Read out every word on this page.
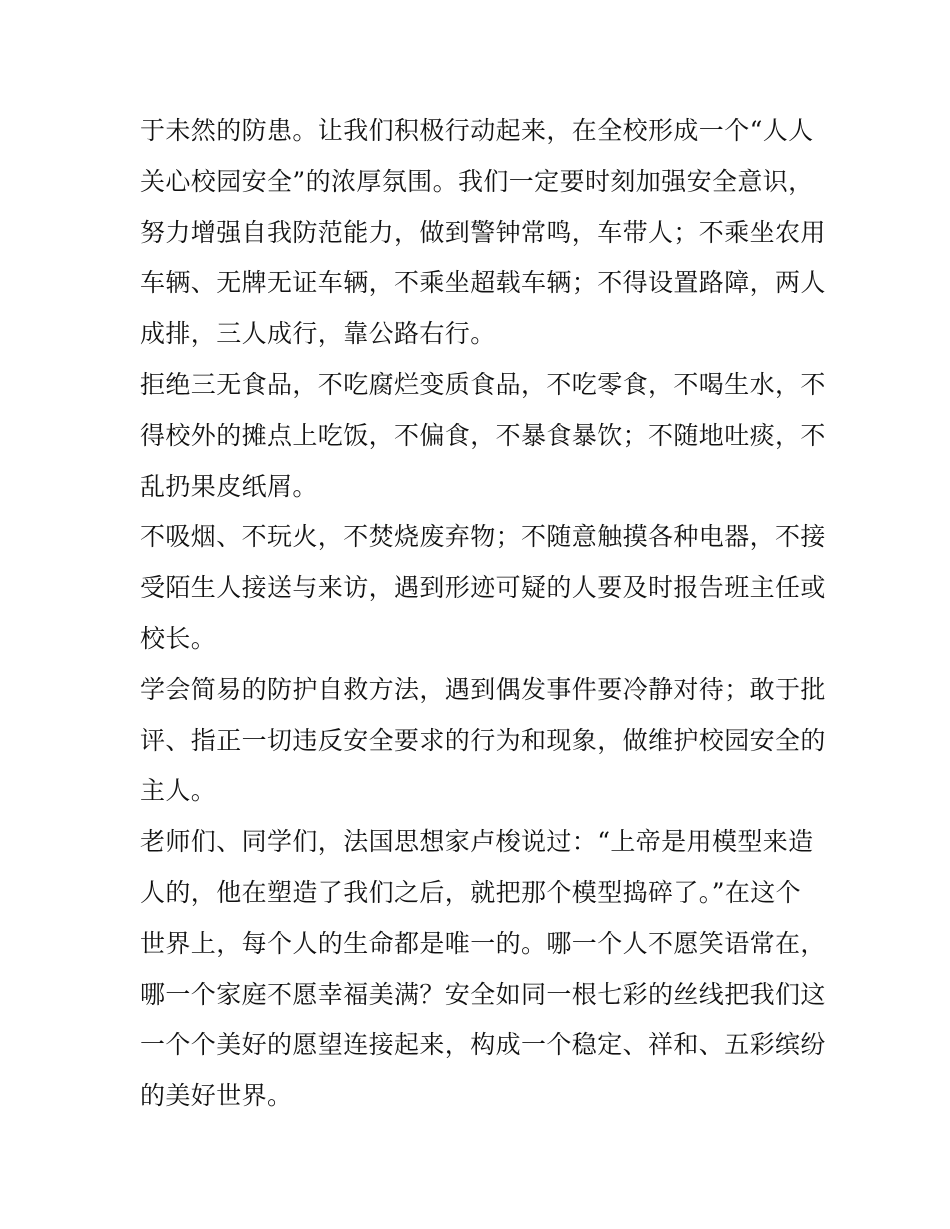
于未然的防患。让我们积极行动起来，在全校形成一个“人人
关心校园安全”的浓厚氛围。我们一定要时刻加强安全意识，
努力增强自我防范能力，做到警钟常鸣，车带人；不乘坐农用
车辆、无牌无证车辆，不乘坐超载车辆；不得设置路障，两人
成排，三人成行，靠公路右行。
拒绝三无食品，不吃腐烂变质食品，不吃零食，不喝生水，不
得校外的摊点上吃饭，不偏食，不暴食暴饮；不随地吐痰，不
乱扔果皮纸屑。
不吸烟、不玩火，不焚烧废弃物；不随意触摸各种电器，不接
受陌生人接送与来访，遇到形迹可疑的人要及时报告班主任或
校长。
学会简易的防护自救方法，遇到偶发事件要冷静对待；敢于批
评、指正一切违反安全要求的行为和现象，做维护校园安全的
主人。
老师们、同学们，法国思想家卢梭说过：“上帝是用模型来造
人的，他在塑造了我们之后，就把那个模型捣碎了。”在这个
世界上，每个人的生命都是唯一的。哪一个人不愿笑语常在，
哪一个家庭不愿幸福美满？安全如同一根七彩的丝线把我们这
一个个美好的愿望连接起来，构成一个稳定、祥和、五彩缤纷
的美好世界。
